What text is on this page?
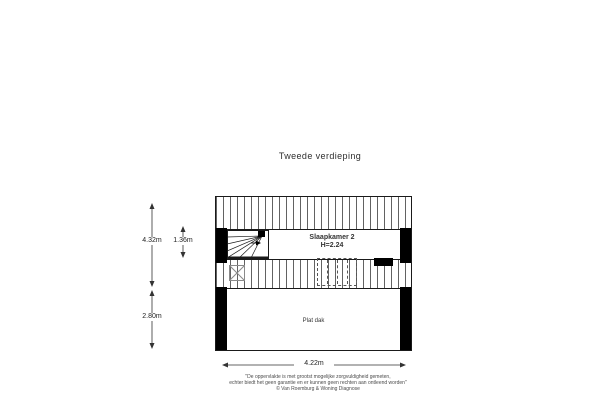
Tweede verdieping
Slaapkamer 2
H=2.24
Plat dak
4.32m	1.36m
2.80m
4.22m
"De oppervlakte is met grootst mogelijke zorgvuldigheid gemeten,
echter biedt het geen garantie en er kunnen geen rechten aan ontleend worden"
© Van Roemburg & Woning Diagnose
